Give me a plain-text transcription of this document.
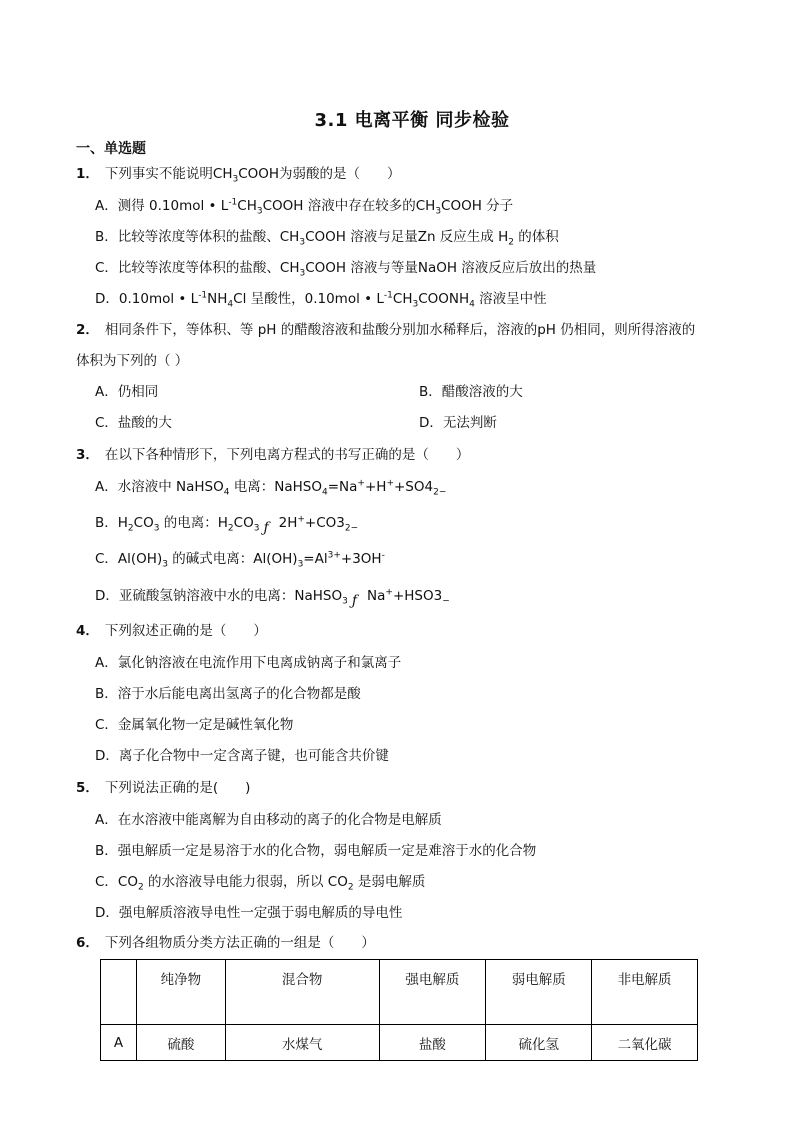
3.1 电离平衡 同步检验
一、单选题
1． 下列事实不能说明$CH_3COOH$为弱酸的是（　　）
A．测得 0.10mol • $L^{-1}CH_3COOH$ 溶液中存在较多的$CH_3COOH$ 分子
B．比较等浓度等体积的盐酸、$CH_3COOH$ 溶液与足量Zn 反应生成 $H_2$ 的体积
C．比较等浓度等体积的盐酸、$CH_3COOH$ 溶液与等量NaOH 溶液反应后放出的热量
D．0.10mol • $L^{-1}NH_4Cl$ 呈酸性，0.10mol • $L^{-1}CH_3COONH_4$ 溶液呈中性
2． 相同条件下，等体积、等 pH 的醋酸溶液和盐酸分别加水稀释后，溶液的pH 仍相同，则所得溶液的
体积为下列的（ ）
A．仍相同	B．醋酸溶液的大
C．盐酸的大	D．无法判断
3． 在以下各种情形下，下列电离方程式的书写正确的是（　　）
A．水溶液中 NaHSO$_4$ 电离：$NaHSO_4=Na^++H^++SO4_{2-}$
B．$H_2CO_3$ 的电离：$H_2CO_3$ ƒ $2H^++CO3_{2-}$
C．$Al(OH)_3$ 的碱式电离：$Al(OH)_3=Al^{3+}+3OH^-$
D．亚硫酸氢钠溶液中水的电离：NaHSO$_3$ ƒ $Na^++HSO3_-$
4． 下列叙述正确的是（　　）
A．氯化钠溶液在电流作用下电离成钠离子和氯离子
B．溶于水后能电离出氢离子的化合物都是酸
C．金属氧化物一定是碱性氧化物
D．离子化合物中一定含离子键，也可能含共价键
5． 下列说法正确的是(　　)
A．在水溶液中能离解为自由移动的离子的化合物是电解质
B．强电解质一定是易溶于水的化合物，弱电解质一定是难溶于水的化合物
C．$CO_2$ 的水溶液导电能力很弱，所以 $CO_2$ 是弱电解质
D．强电解质溶液导电性一定强于弱电解质的导电性
6． 下列各组物质分类方法正确的一组是（　　）
	纯净物	混合物	强电解质	弱电解质	非电解质
A	硫酸	水煤气	盐酸	硫化氢	二氧化碳
